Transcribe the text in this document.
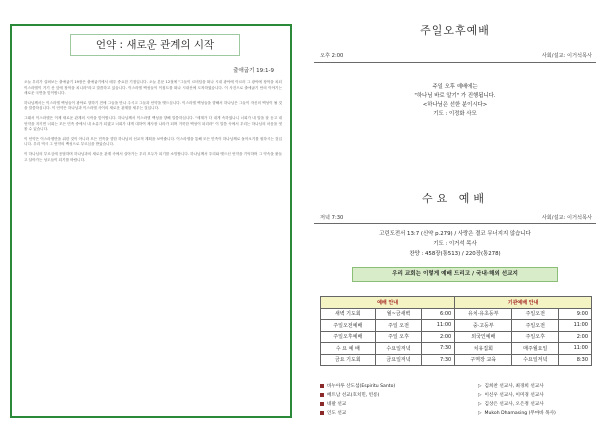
언약 : 새로운 관계의 시작
출애굽기 19:1-9

오늘 우리가 살펴보는 출애굽기 19장은 출애굽기에서 매우 중요한 기점입니다. 오늘 본문 12절에 "그들이 르비딤을 떠나 시내 광야에 이르러 그 광야에 장막을 치되 이스라엘이 거기 산 앞에 장막을 치니라"라고 말씀하고 있습니다. 이스라엘 백성들이 이집트를 떠나 시내산에 도착하였습니다. 이 사건으로 출애굽기 안의 이야기는 새로운 국면을 맞이합니다.

하나님께서는 이스라엘 백성들이 광야로 향하기 전에 그들을 만나 주시고 그들과 언약을 맺으십니다. 이스라엘 백성들을 향해서 하나님은 그들이 자신의 백성이 될 것을 말씀하십니다. 이 언약은 하나님과 이스라엘 사이의 새로운 관계를 세우는 것입니다.

그래서 이스라엘은 이제 새로운 관계의 시작을 맞이합니다. 하나님께서 이스라엘 백성을 향해 말씀하십니다. "세계가 다 내게 속하였나니 너희가 내 말을 잘 듣고 내 언약을 지키면 너희는 모든 민족 중에서 내 소유가 되겠고 너희가 내게 대하여 제사장 나라가 되며 거룩한 백성이 되리라" 이 말씀 속에서 우리는 하나님의 마음을 엿볼 수 있습니다.

이 언약은 이스라엘만을 위한 것이 아니라 모든 민족을 향한 하나님의 선교적 계획을 보여줍니다. 이스라엘을 통해 모든 민족이 하나님께로 돌아오기를 원하시는 것입니다. 우리 역시 그 언약의 백성으로 부르심을 받았습니다.

이 하나님의 부르심에 응답하며 하나님과의 새로운 관계 속에서 살아가는 우리 모두가 되기를 소망합니다. 하나님께서 우리와 맺으신 언약을 기억하며 그 약속을 붙들고 살아가는 성도들이 되기를 바랍니다.

주일오후예배
오후 2:00	사회/설교: 이거석목사
주일 오후 예배에는
"하나님 바로 알기" 가 진행됩니다.
<하나님은 선한 분이시다>
기도 : 이정화 사모
수요 예배
저녁 7:30	사회/설교: 이거석목사
고린도전서 13:7 (신약 p.279) / 사랑은 결코 무너지지 않습니다
기도 : 이거석 목사
찬양 : 458장(통513) / 220장(통278)
우리 교회는 이렇게 예배 드리고 / 국내·해외 선교지
예배 안내			기관예배 안내		
새벽 기도회	월~금새벽	6:00	유치·유초등부	주일오전	9:00
주일오전예배	주일 오전	11:00	중·고등부	주일오전	11:00
주일오후예배	주일 오후	2:00	외국인예배	주일오후	2:00
수 요 예 배	수요일저녁	7:30	치유집회	매주월요일	11:00
금요 기도회	금요일저녁	7:30	구역장 교육	수요일저녁	8:30
바누아투 산도섬(Espiritu Santo)	▷ 김희찬 선교사, 최경희 선교사
베트남 선교(호치민, 빈롱)	▷ 이신우 선교사, 이미경 선교사
네팔 선교	▷ 김상은 선교사, 오은정 선교사
인도 선교	▷ Mukoh Dhamasing (무마바 목사)
